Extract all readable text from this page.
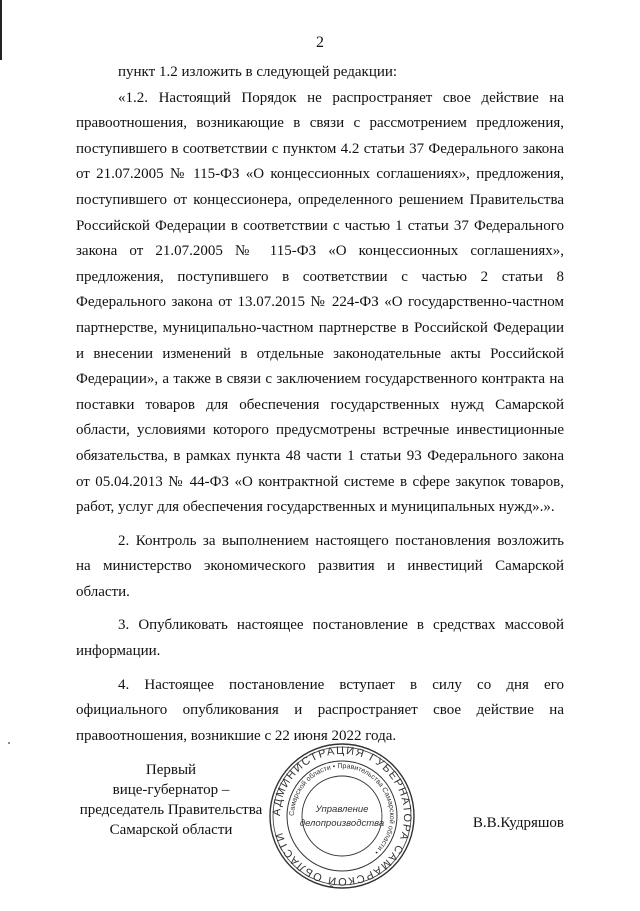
2

пункт 1.2 изложить в следующей редакции:

«1.2. Настоящий Порядок не распространяет свое действие на правоотношения, возникающие в связи с рассмотрением предложения, поступившего в соответствии с пунктом 4.2 статьи 37 Федерального закона от 21.07.2005 № 115-ФЗ «О концессионных соглашениях», предложения, поступившего от концессионера, определенного решением Правительства Российской Федерации в соответствии с частью 1 статьи 37 Федерального закона от 21.07.2005 № 115-ФЗ «О концессионных соглашениях», предложения, поступившего в соответствии с частью 2 статьи 8 Федерального закона от 13.07.2015 № 224-ФЗ «О государственно-частном партнерстве, муниципально-частном партнерстве в Российской Федерации и внесении изменений в отдельные законодательные акты Российской Федерации», а также в связи с заключением государственного контракта на поставки товаров для обеспечения государственных нужд Самарской области, условиями которого предусмотрены встречные инвестиционные обязательства, в рамках пункта 48 части 1 статьи 93 Федерального закона от 05.04.2013 № 44-ФЗ «О контрактной системе в сфере закупок товаров, работ, услуг для обеспечения государственных и муниципальных нужд».».

2. Контроль за выполнением настоящего постановления возложить на министерство экономического развития и инвестиций Самарской области.

3. Опубликовать настоящее постановление в средствах массовой информации.

4. Настоящее постановление вступает в силу со дня его официального опубликования и распространяет свое действие на правоотношения, возникшие с 22 июня 2022 года.

Первый
вице-губернатор –
председатель Правительства
Самарской области
АДМИНИСТРАЦИЯ ГУБЕРНАТОРА САМАРСКОЙ ОБЛАСТИ
Самарской области • Правительства Самарской области •
Управление
делопроизводства	В.В.Кудряшов
